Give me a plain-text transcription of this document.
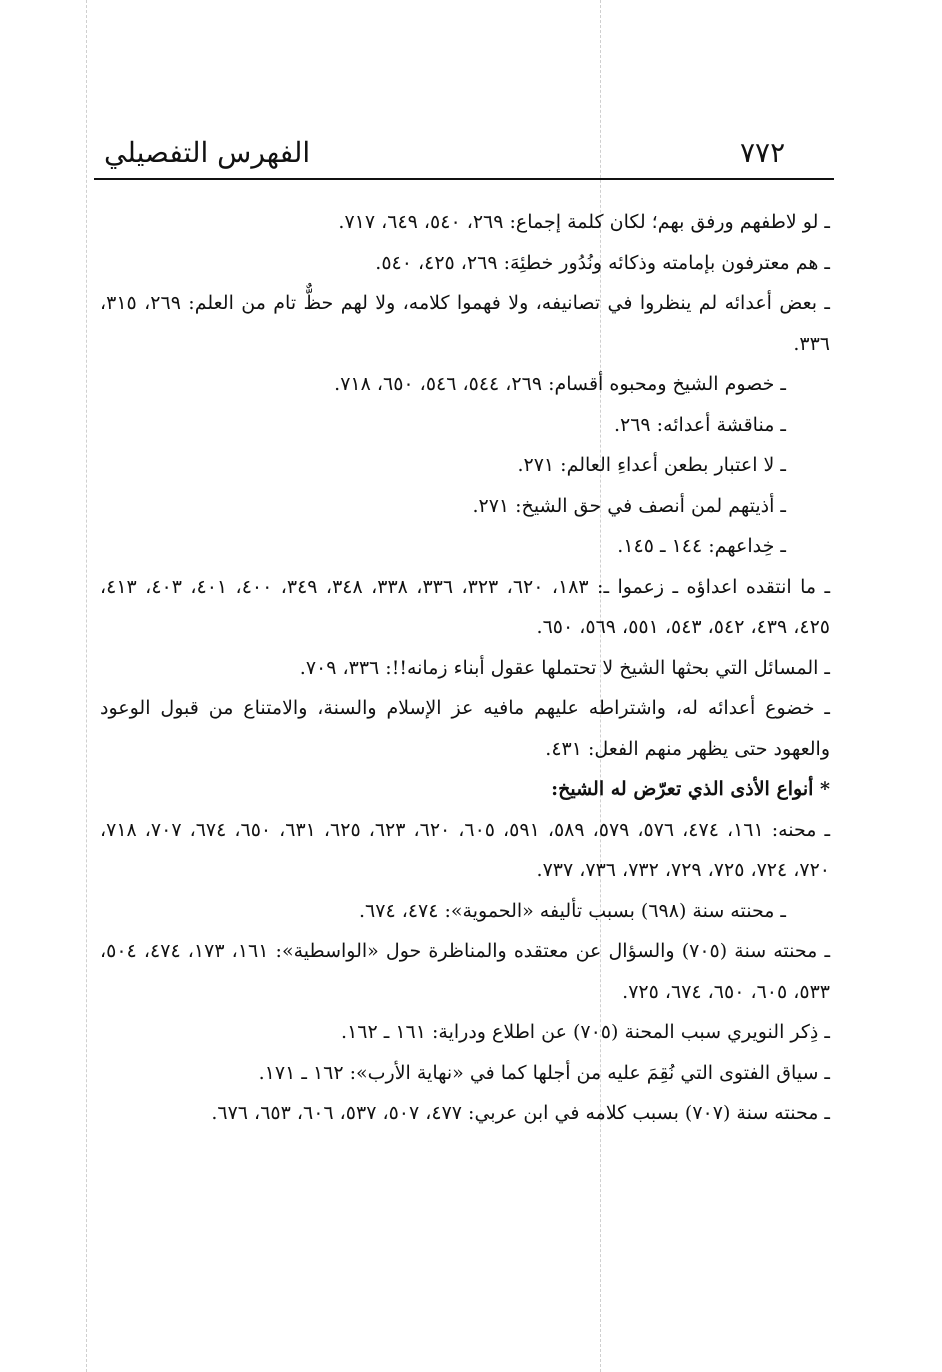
٧٧٢
الفهرس التفصيلي

ـ لو لاطفهم ورفق بهم؛ لكان كلمة إجماع: ٢٦٩، ٥٤٠، ٦٤٩، ٧١٧.

ـ هم معترفون بإمامته وذكائه ونُدُور خطئِهَ: ٢٦٩، ٤٢٥، ٥٤٠.

ـ بعض أعدائه لم ينظروا في تصانيفه، ولا فهموا كلامه، ولا لهم حظٌّ تام من العلم: ٢٦٩، ٣١٥، ٣٣٦.

ـ خصوم الشيخ ومحبوه أقسام: ٢٦٩، ٥٤٤، ٥٤٦، ٦٥٠، ٧١٨.

ـ مناقشة أعدائه: ٢٦٩.

ـ لا اعتبار بطعن أعداءِ العالم: ٢٧١.

ـ أذيتهم لمن أنصف في حق الشيخ: ٢٧١.

ـ خِداعهم: ١٤٤ ـ ١٤٥.

ـ ما انتقده اعداؤه ـ زعموا ـ: ١٨٣، ٦٢٠، ٣٢٣، ٣٣٦، ٣٣٨، ٣٤٨، ٣٤٩، ٤٠٠، ٤٠١، ٤٠٣، ٤١٣، ٤٢٥، ٤٣٩، ٥٤٢، ٥٤٣، ٥٥١، ٥٦٩، ٦٥٠.

ـ المسائل التي بحثها الشيخ لا تحتملها عقول أبناء زمانه!!: ٣٣٦، ٧٠٩.

ـ خضوع أعدائه له، واشتراطه عليهم مافيه عز الإسلام والسنة، والامتناع من قبول الوعود والعهود حتى يظهر منهم الفعل: ٤٣١.

* أنواع الأذى الذي تعرّض له الشيخ:

ـ محنه: ١٦١، ٤٧٤، ٥٧٦، ٥٧٩، ٥٨٩، ٥٩١، ٦٠٥، ٦٢٠، ٦٢٣، ٦٢٥، ٦٣١، ٦٥٠، ٦٧٤، ٧٠٧، ٧١٨، ٧٢٠، ٧٢٤، ٧٢٥، ٧٢٩، ٧٣٢، ٧٣٦، ٧٣٧.

ـ محنته سنة (٦٩٨) بسبب تأليفه «الحموية»: ٤٧٤، ٦٧٤.

ـ محنته سنة (٧٠٥) والسؤال عن معتقده والمناظرة حول «الواسطية»: ١٦١، ١٧٣، ٤٧٤، ٥٠٤، ٥٣٣، ٦٠٥، ٦٥٠، ٦٧٤، ٧٢٥.

ـ ذِكر النويري سبب المحنة (٧٠٥) عن اطلاع ودراية: ١٦١ ـ ١٦٢.

ـ سياق الفتوى التي نُقِمَ عليه من أجلها كما في «نهاية الأرب»: ١٦٢ ـ ١٧١.

ـ محنته سنة (٧٠٧) بسبب كلامه في ابن عربي: ٤٧٧، ٥٠٧، ٥٣٧، ٦٠٦، ٦٥٣، ٦٧٦.
